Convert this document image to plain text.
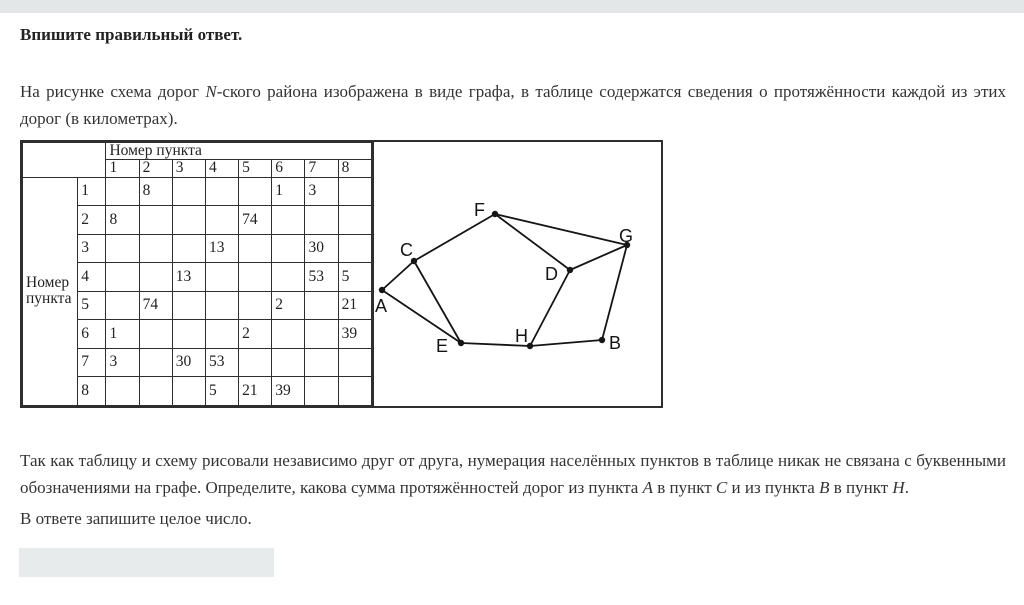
Впишите правильный ответ.

На рисунке схема дорог N-ского района изображена в виде графа, в таблице содержатся сведения о протяжённости каждой из этих дорог (в километрах).

		Номер пункта							
		1	2	3	4	5	6	7	8

Номер
пункта	1		8				1	3	
	2	8				74			
	3				13			30	
	4			13				53	5
	5		74				2		21
	6	1				2			39
	7	3		30	53				
	8				5	21	39		
A
C
F
G
D
E	H	B

Так как таблицу и схему рисовали независимо друг от друга, нумерация населённых пунктов в таблице никак не связана с буквенными обозначениями на графе. Определите, какова сумма протяжённостей дорог из пункта A в пункт C и из пункта B в пункт H.

В ответе запишите целое число.
